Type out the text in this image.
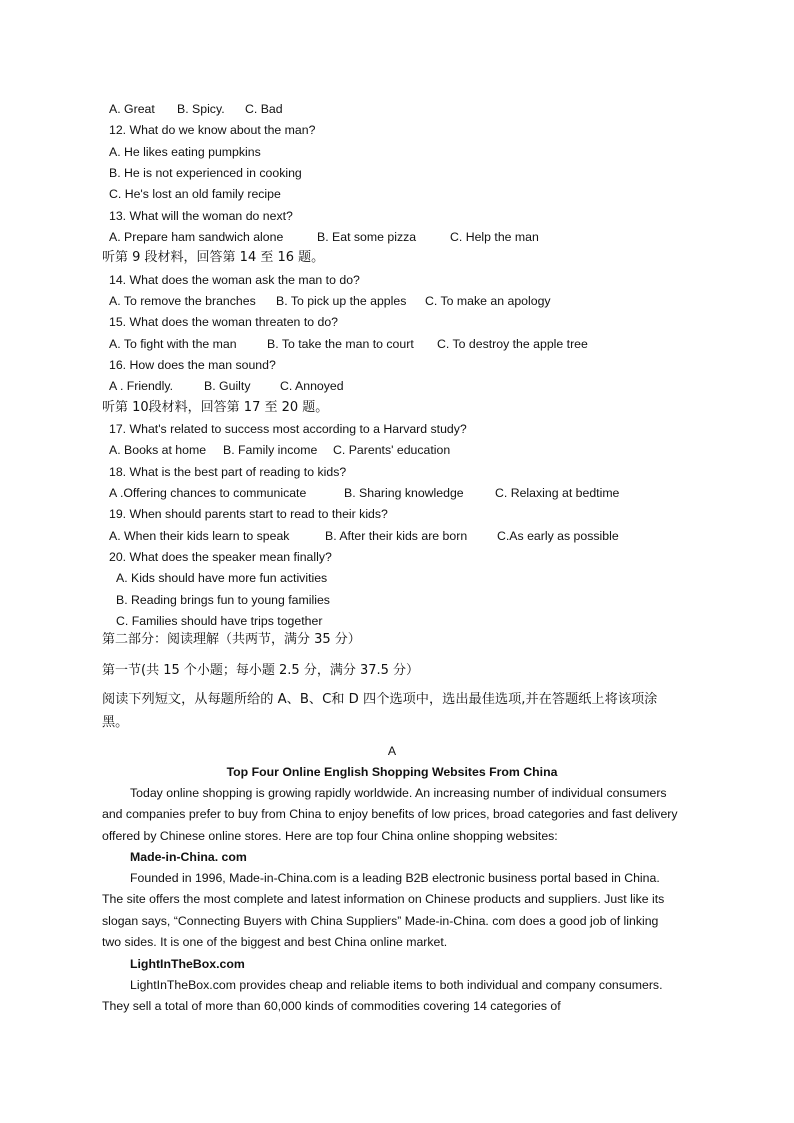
A. Great B. Spicy. C. Bad
12. What do we know about the man?
A. He likes eating pumpkins
B. He is not experienced in cooking
C. He's lost an old family recipe
13. What will the woman do next?
A. Prepare ham sandwich alone	B. Eat some pizza	C. Help the man
听第 9 段材料，回答第 14 至 16 题。
14. What does the woman ask the man to do?
A. To remove the branches B. To pick up the apples C. To make an apology
15. What does the woman threaten to do?
A. To fight with the man B. To take the man to court C. To destroy the apple tree
16. How does the man sound?
A . Friendly.	B. Guilty C. Annoyed
听第 10段材料，回答第 17 至 20 题。
17. What's related to success most according to a Harvard study?
A. Books at home B. Family income C. Parents' education
18. What is the best part of reading to kids?
A .Offering chances to communicate	B. Sharing knowledge	C. Relaxing at bedtime
19. When should parents start to read to their kids?
A. When their kids learn to speak	B. After their kids are born C.As early as possible
20. What does the speaker mean finally?
A. Kids should have more fun activities
B. Reading brings fun to young families
C. Families should have trips together
第二部分：阅读理解（共两节，满分 35 分）
第一节(共 15 个小题；每小题 2.5 分，满分 37.5 分）
阅读下列短文，从每题所给的 A、B、C和 D 四个选项中，选出最佳选项,并在答题纸上将该项涂黑。
A
Top Four Online English Shopping Websites From China
Today online shopping is growing rapidly worldwide. An increasing number of individual consumers and companies prefer to buy from China to enjoy benefits of low prices, broad categories and fast delivery offered by Chinese online stores. Here are top four China online shopping websites:
Made-in-China. com
Founded in 1996, Made-in-China.com is a leading B2B electronic business portal based in China. The site offers the most complete and latest information on Chinese products and suppliers. Just like its slogan says, “Connecting Buyers with China Suppliers” Made-in-China. com does a good job of linking two sides. It is one of the biggest and best China online market.
LightInTheBox.com
LightInTheBox.com provides cheap and reliable items to both individual and company consumers. They sell a total of more than 60,000 kinds of commodities covering 14 categories of
